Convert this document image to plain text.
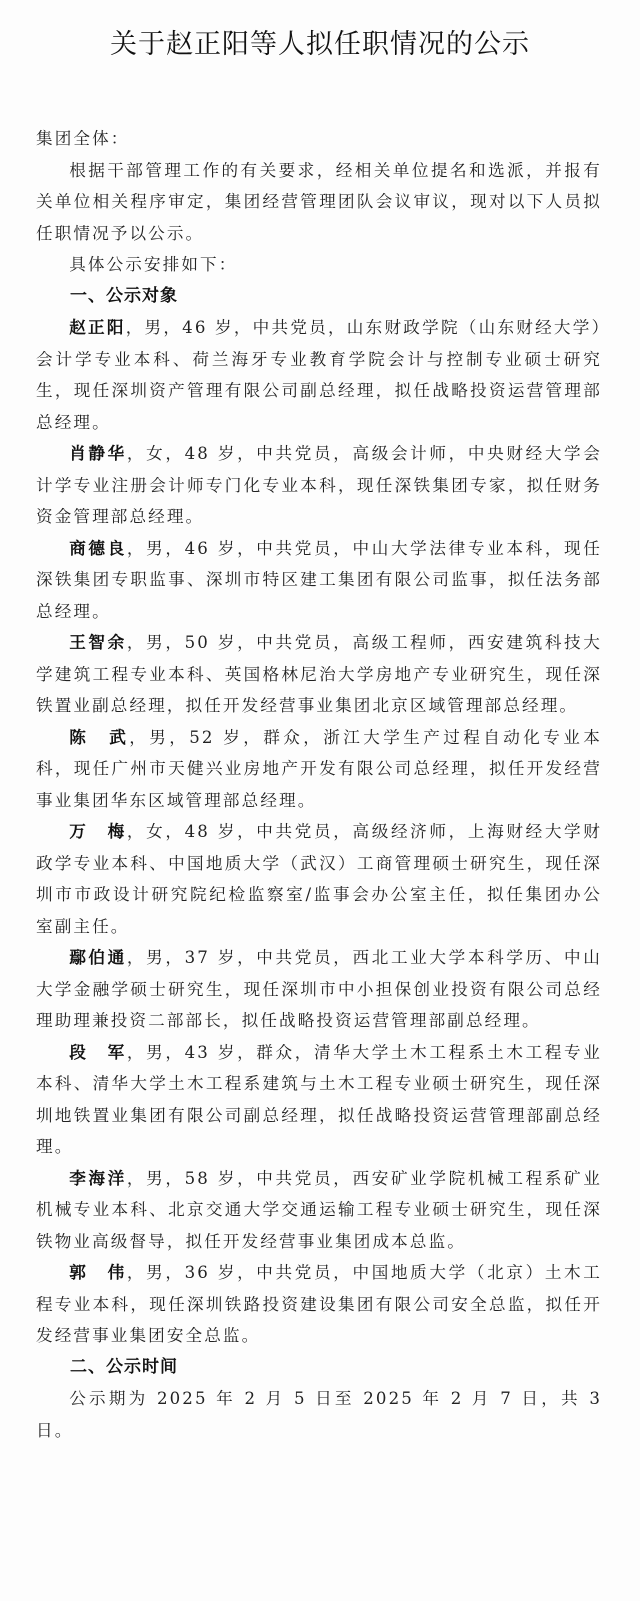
关于赵正阳等人拟任职情况的公示

集团全体：

根据干部管理工作的有关要求，经相关单位提名和选派，并报有关单位相关程序审定，集团经营管理团队会议审议，现对以下人员拟任职情况予以公示。

具体公示安排如下：

一、公示对象

赵正阳，男，46 岁，中共党员，山东财政学院（山东财经大学）会计学专业本科、荷兰海牙专业教育学院会计与控制专业硕士研究生，现任深圳资产管理有限公司副总经理，拟任战略投资运营管理部总经理。

肖静华，女，48 岁，中共党员，高级会计师，中央财经大学会计学专业注册会计师专门化专业本科，现任深铁集团专家，拟任财务资金管理部总经理。

商德良，男，46 岁，中共党员，中山大学法律专业本科，现任深铁集团专职监事、深圳市特区建工集团有限公司监事，拟任法务部总经理。

王智余，男，50 岁，中共党员，高级工程师，西安建筑科技大学建筑工程专业本科、英国格林尼治大学房地产专业研究生，现任深铁置业副总经理，拟任开发经营事业集团北京区域管理部总经理。

陈　武，男，52 岁，群众，浙江大学生产过程自动化专业本科，现任广州市天健兴业房地产开发有限公司总经理，拟任开发经营事业集团华东区域管理部总经理。

万　梅，女，48 岁，中共党员，高级经济师，上海财经大学财政学专业本科、中国地质大学（武汉）工商管理硕士研究生，现任深圳市市政设计研究院纪检监察室/监事会办公室主任，拟任集团办公室副主任。

鄢伯通，男，37 岁，中共党员，西北工业大学本科学历、中山大学金融学硕士研究生，现任深圳市中小担保创业投资有限公司总经理助理兼投资二部部长，拟任战略投资运营管理部副总经理。

段　军，男，43 岁，群众，清华大学土木工程系土木工程专业本科、清华大学土木工程系建筑与土木工程专业硕士研究生，现任深圳地铁置业集团有限公司副总经理，拟任战略投资运营管理部副总经理。

李海洋，男，58 岁，中共党员，西安矿业学院机械工程系矿业机械专业本科、北京交通大学交通运输工程专业硕士研究生，现任深铁物业高级督导，拟任开发经营事业集团成本总监。

郭　伟，男，36 岁，中共党员，中国地质大学（北京）土木工程专业本科，现任深圳铁路投资建设集团有限公司安全总监，拟任开发经营事业集团安全总监。

二、公示时间

公示期为 2025 年 2 月 5 日至 2025 年 2 月 7 日，共 3 日。
